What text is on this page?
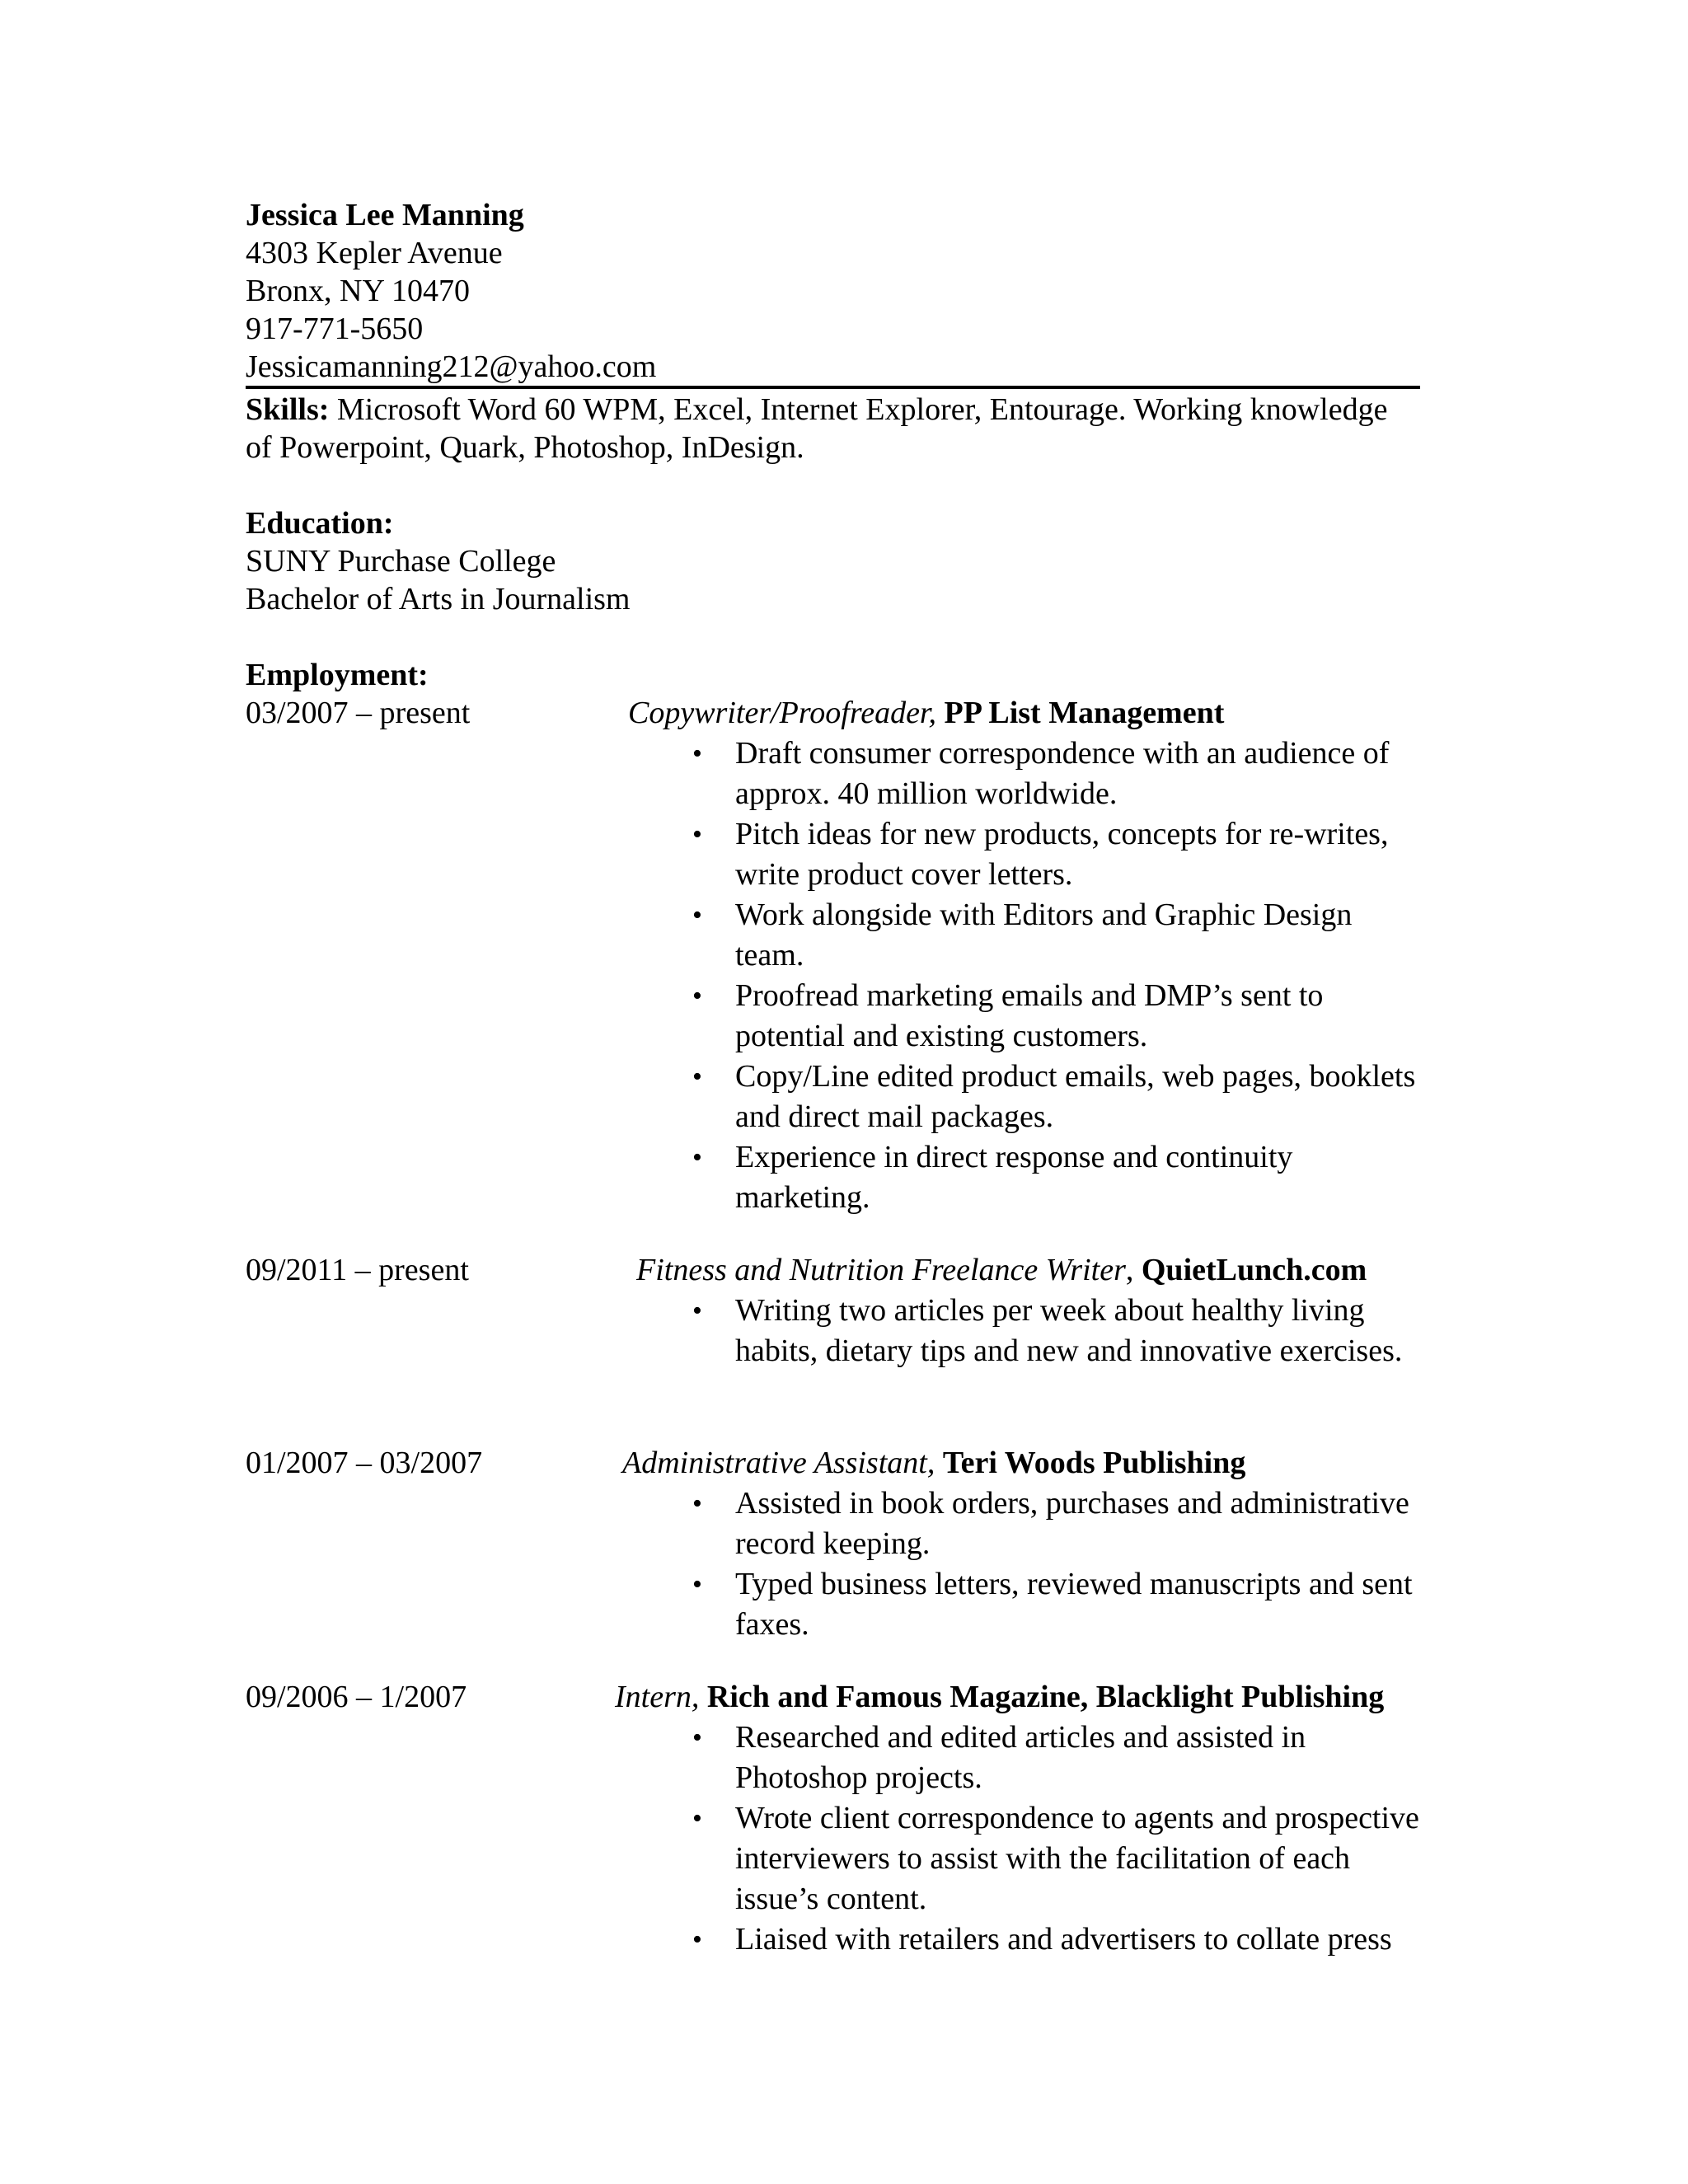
Jessica Lee Manning
4303 Kepler Avenue
Bronx, NY 10470
917-771-5650
Jessicamanning212@yahoo.com
Skills: Microsoft Word 60 WPM, Excel, Internet Explorer, Entourage. Working knowledge of Powerpoint, Quark, Photoshop, InDesign.
Education:
SUNY Purchase College
Bachelor of Arts in Journalism
Employment:
03/2007 – present	Copywriter/Proofreader, PP List Management
• Draft consumer correspondence with an audience of approx. 40 million worldwide.
• Pitch ideas for new products, concepts for re-writes, write product cover letters.
• Work alongside with Editors and Graphic Design team.
• Proofread marketing emails and DMP’s sent to potential and existing customers.
• Copy/Line edited product emails, web pages, booklets and direct mail packages.
• Experience in direct response and continuity marketing.
09/2011 – present	Fitness and Nutrition Freelance Writer, QuietLunch.com
• Writing two articles per week about healthy living habits, dietary tips and new and innovative exercises.
01/2007 – 03/2007	Administrative Assistant, Teri Woods Publishing
• Assisted in book orders, purchases and administrative record keeping.
• Typed business letters, reviewed manuscripts and sent faxes.
09/2006 – 1/2007	Intern, Rich and Famous Magazine, Blacklight Publishing
• Researched and edited articles and assisted in Photoshop projects.
• Wrote client correspondence to agents and prospective interviewers to assist with the facilitation of each issue’s content.
• Liaised with retailers and advertisers to collate press
